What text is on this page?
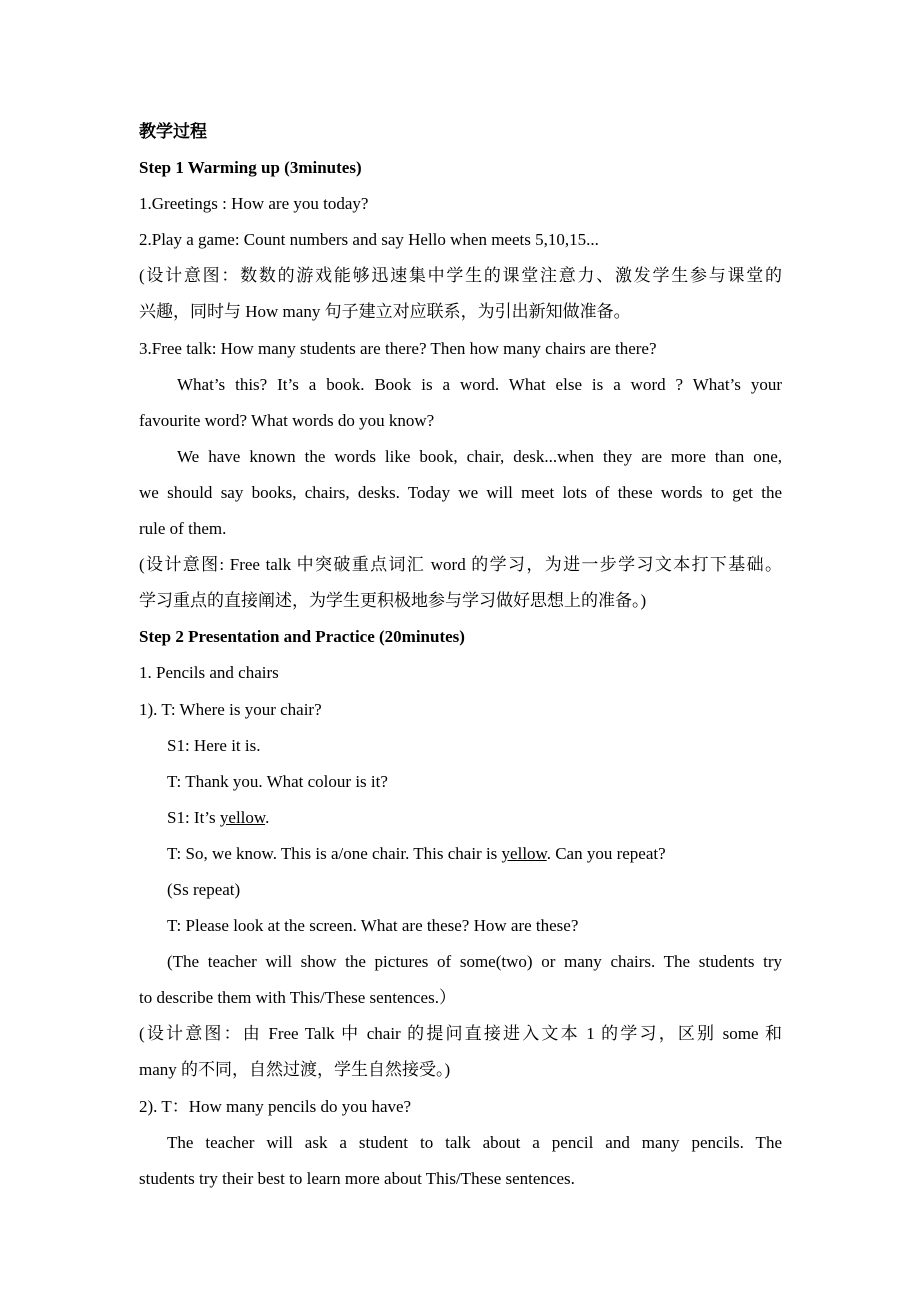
教学过程
Step 1 Warming up (3minutes)
1.Greetings : How are you today?
2.Play a game: Count numbers and say Hello when meets 5,10,15...
(设计意图：数数的游戏能够迅速集中学生的课堂注意力、激发学生参与课堂的
兴趣，同时与 How many 句子建立对应联系，为引出新知做准备。
3.Free talk: How many students are there? Then how many chairs are there?
What’s this? It’s a book. Book is a word. What else is a word ? What’s your
favourite word? What words do you know?
We have known the words like book, chair, desk...when they are more than one,
we should say books, chairs, desks. Today we will meet lots of these words to get the
rule of them.
(设计意图: Free talk 中突破重点词汇 word 的学习，为进一步学习文本打下基础。
学习重点的直接阐述，为学生更积极地参与学习做好思想上的准备。)
Step 2 Presentation and Practice (20minutes)
1. Pencils and chairs
1). T: Where is your chair?
S1: Here it is.
T: Thank you. What colour is it?
S1: It’s yellow.
T: So, we know. This is a/one chair. This chair is yellow. Can you repeat?
(Ss repeat)
T: Please look at the screen. What are these? How are these?
(The teacher will show the pictures of some(two) or many chairs. The students try
to describe them with This/These sentences.）
(设计意图：由 Free Talk 中 chair 的提问直接进入文本 1 的学习，区别 some 和
many 的不同，自然过渡，学生自然接受。)
2). T：How many pencils do you have?
The teacher will ask a student to talk about a pencil and many pencils. The
students try their best to learn more about This/These sentences.
